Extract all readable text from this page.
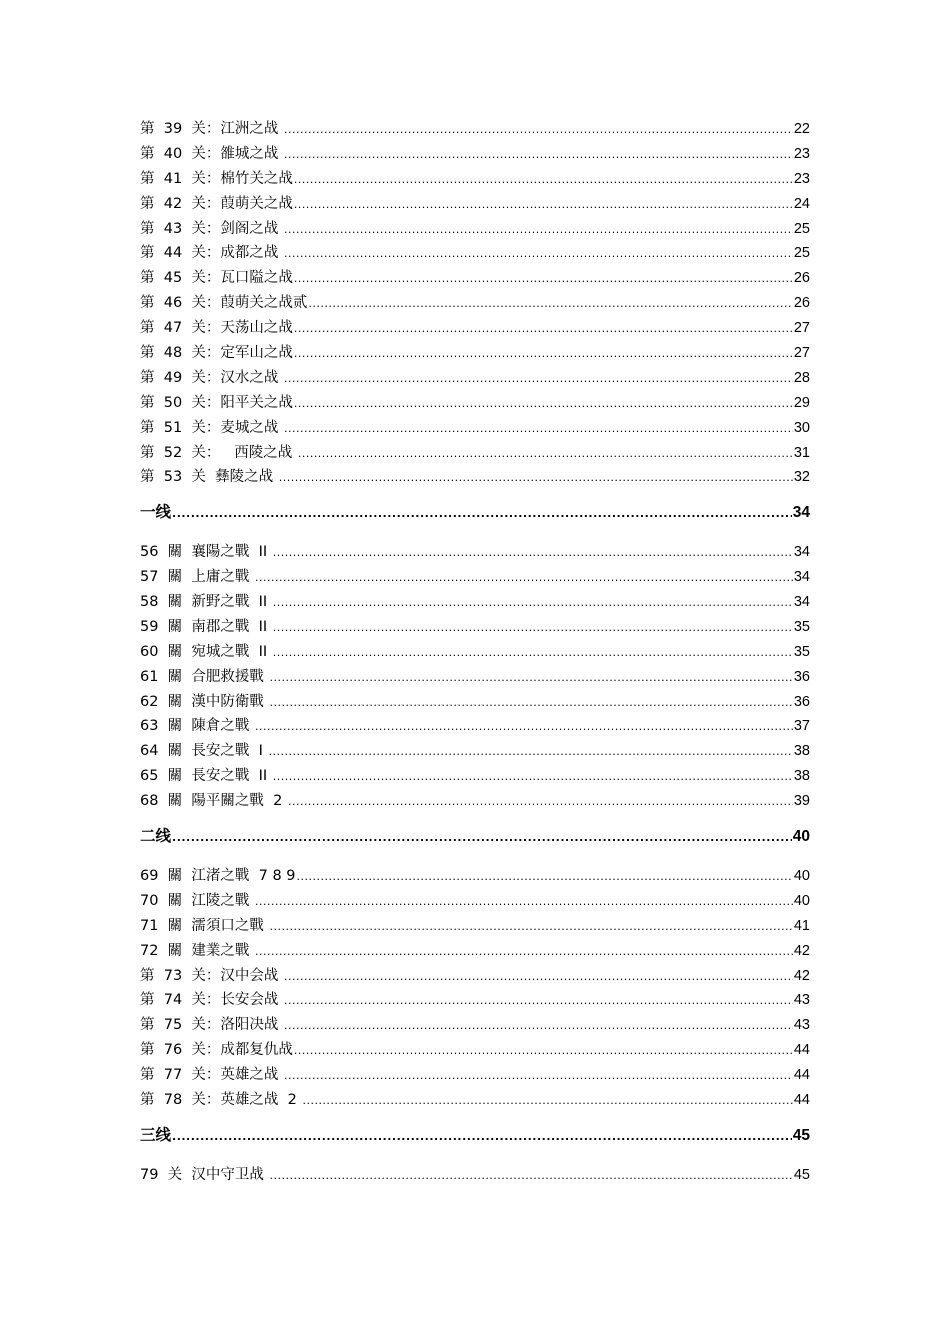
第  39  关：江洲之战 .....	22
第  40  关：雒城之战 .....	23
第  41  关：棉竹关之战 .....	23
第  42  关：葭萌关之战 .....	24
第  43  关：剑阁之战 .....	25
第  44  关：成都之战 .....	25
第  45  关：瓦口隘之战 .....	26
第  46  关：葭萌关之战贰 .....	26
第  47  关：天荡山之战 .....	27
第  48  关：定军山之战 .....	27
第  49  关：汉水之战 .....	28
第  50  关：阳平关之战 .....	29
第  51  关：麦城之战 .....	30
第  52  关：   西陵之战 .....	31
第  53  关  彝陵之战 .....	32
一线 .....	34
56  關  襄陽之戰  II .....	34
57  關  上庸之戰 .....	34
58  關  新野之戰  II .....	34
59  關  南郡之戰  II .....	35
60  關  宛城之戰  II .....	35
61  關  合肥救援戰 .....	36
62  關  漢中防衛戰 .....	36
63  關  陳倉之戰 .....	37
64  關  長安之戰  I .....	38
65  關  長安之戰  II .....	38
68  關  陽平關之戰  2 .....	39
二线 .....	40
69  關  江渚之戰  7 8 9 .....	40
70  關  江陵之戰 .....	40
71  關  濡須口之戰 .....	41
72  關  建業之戰 .....	42
第  73  关：汉中会战 .....	42
第  74  关：长安会战 .....	43
第  75  关：洛阳决战 .....	43
第  76  关：成都复仇战 .....	44
第  77  关：英雄之战 .....	44
第  78  关：英雄之战  2 .....	44
三线 .....	45
79  关  汉中守卫战 .....	45
